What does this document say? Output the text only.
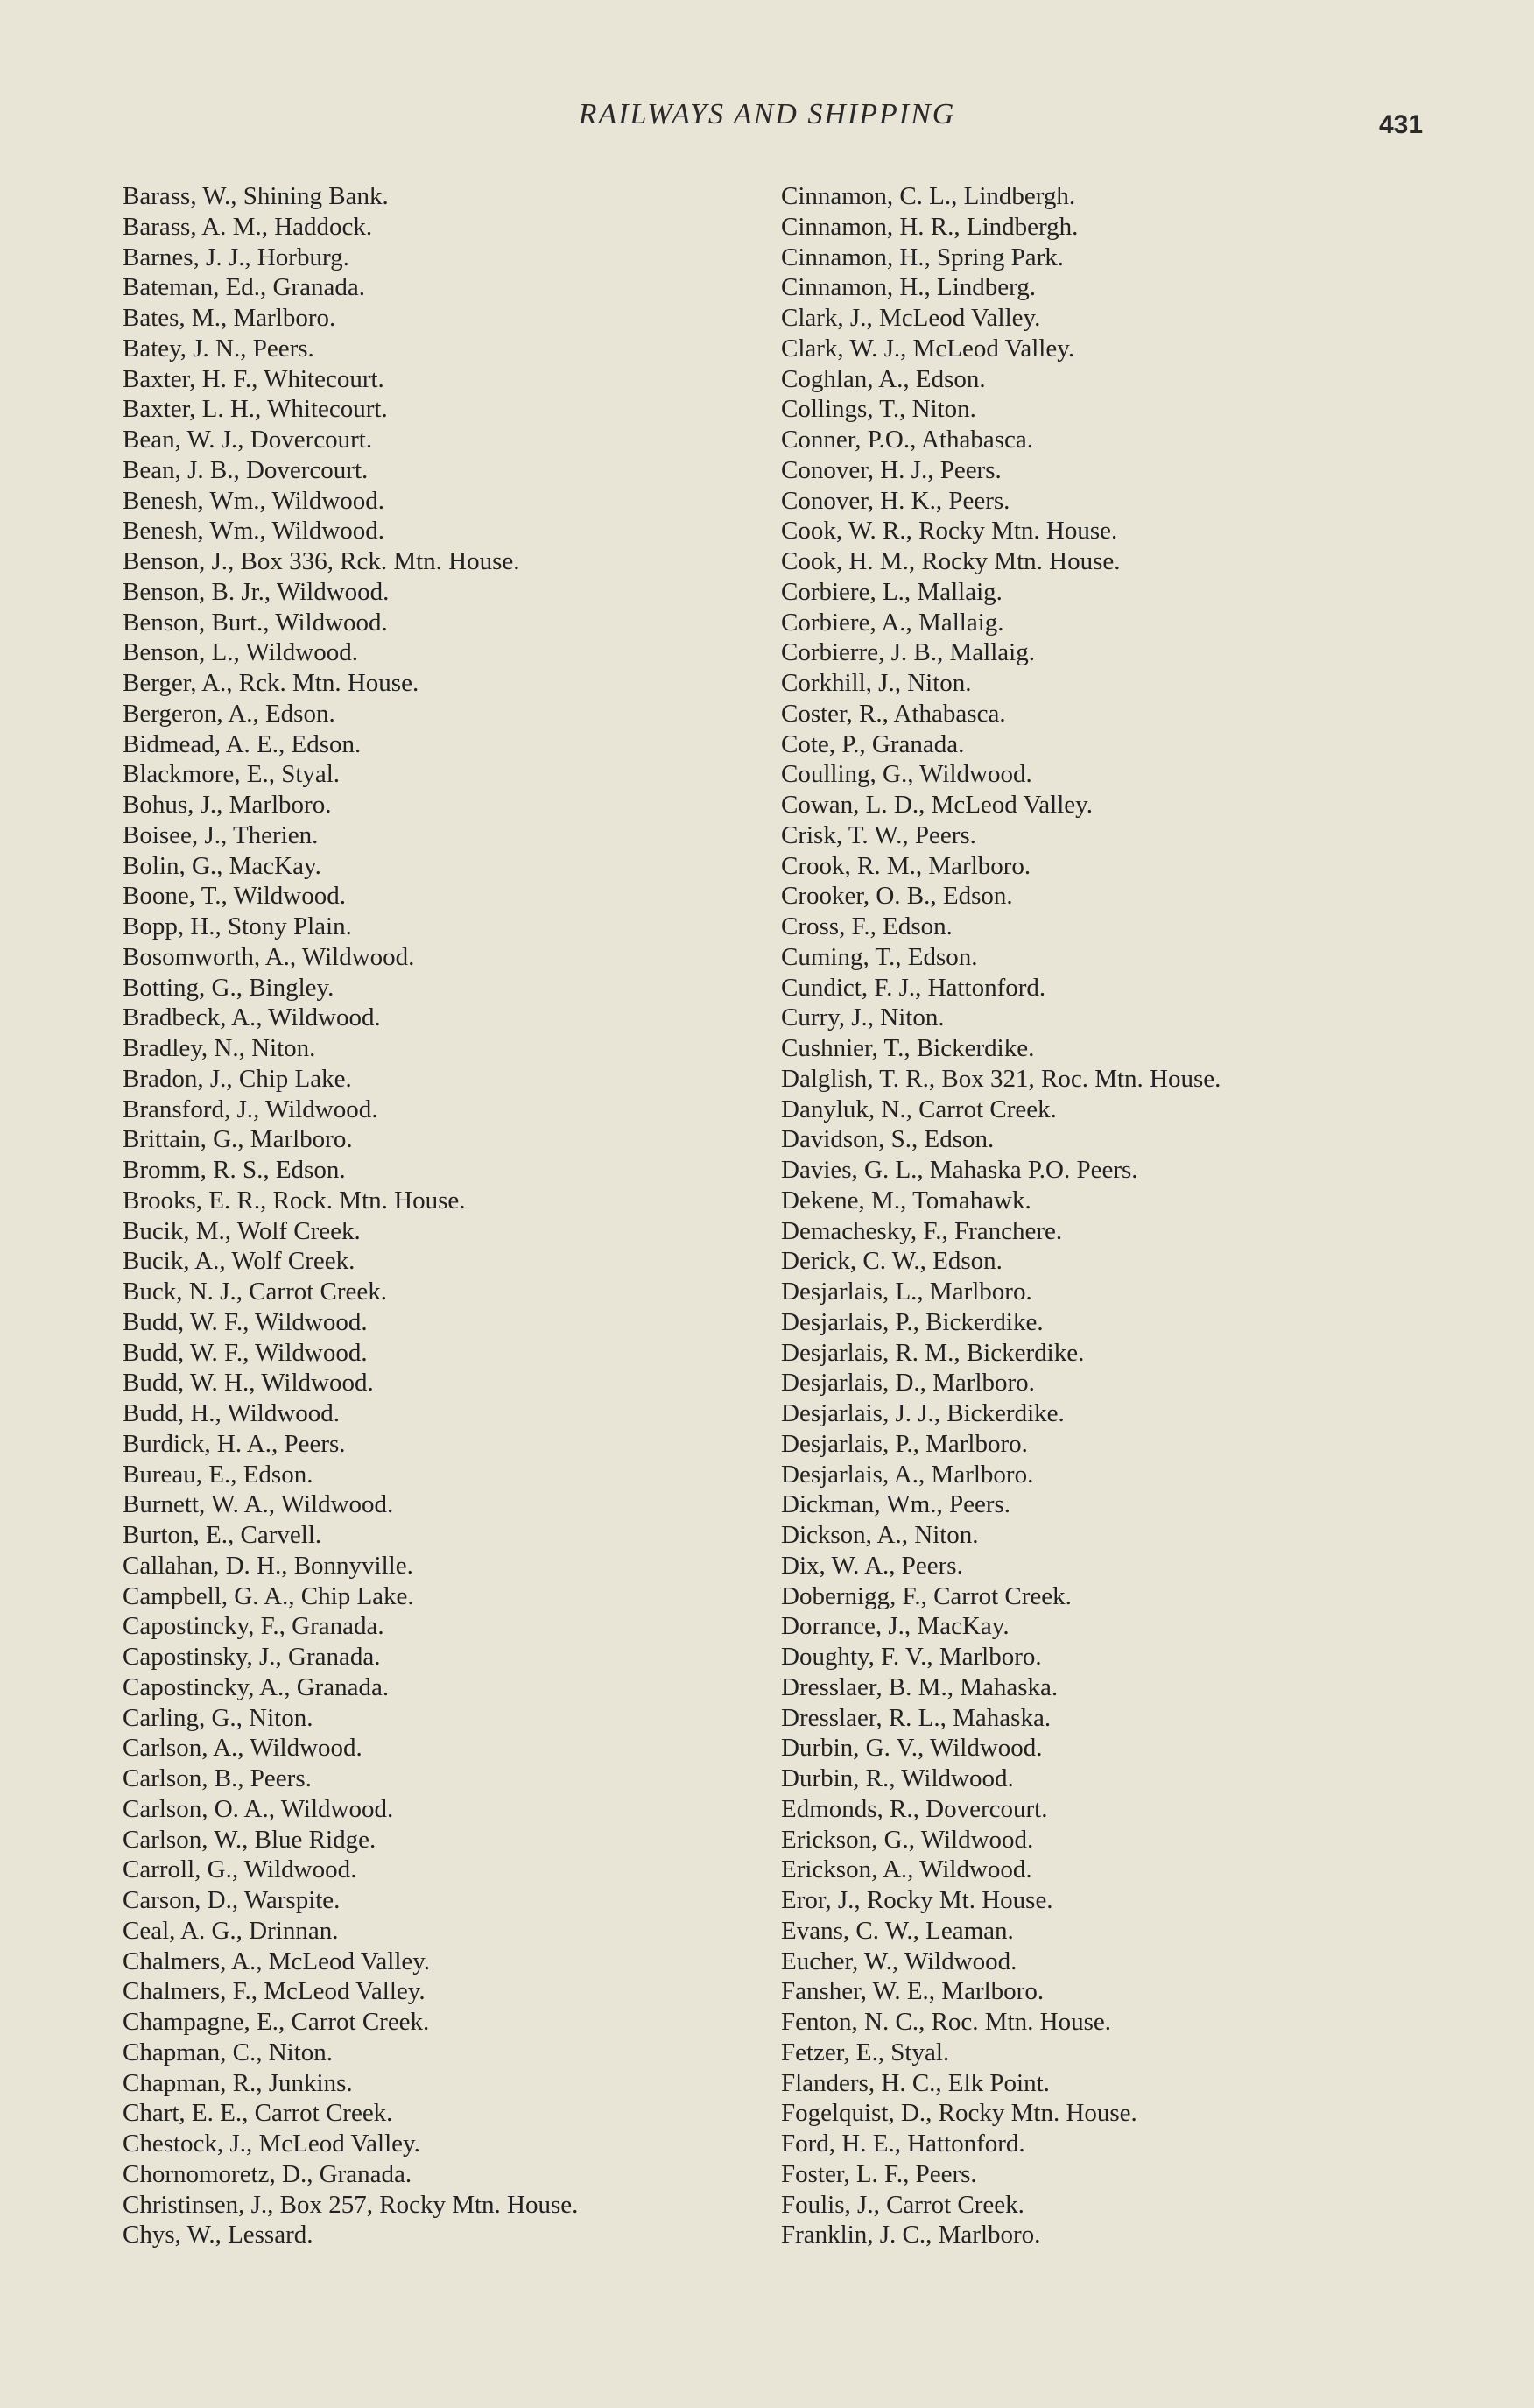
RAILWAYS AND SHIPPING	431
Barass, W., Shining Bank.
Barass, A. M., Haddock.
Barnes, J. J., Horburg.
Bateman, Ed., Granada.
Bates, M., Marlboro.
Batey, J. N., Peers.
Baxter, H. F., Whitecourt.
Baxter, L. H., Whitecourt.
Bean, W. J., Dovercourt.
Bean, J. B., Dovercourt.
Benesh, Wm., Wildwood.
Benesh, Wm., Wildwood.
Benson, J., Box 336, Rck. Mtn. House.
Benson, B. Jr., Wildwood.
Benson, Burt., Wildwood.
Benson, L., Wildwood.
Berger, A., Rck. Mtn. House.
Bergeron, A., Edson.
Bidmead, A. E., Edson.
Blackmore, E., Styal.
Bohus, J., Marlboro.
Boisee, J., Therien.
Bolin, G., MacKay.
Boone, T., Wildwood.
Bopp, H., Stony Plain.
Bosomworth, A., Wildwood.
Botting, G., Bingley.
Bradbeck, A., Wildwood.
Bradley, N., Niton.
Bradon, J., Chip Lake.
Bransford, J., Wildwood.
Brittain, G., Marlboro.
Bromm, R. S., Edson.
Brooks, E. R., Rock. Mtn. House.
Bucik, M., Wolf Creek.
Bucik, A., Wolf Creek.
Buck, N. J., Carrot Creek.
Budd, W. F., Wildwood.
Budd, W. F., Wildwood.
Budd, W. H., Wildwood.
Budd, H., Wildwood.
Burdick, H. A., Peers.
Bureau, E., Edson.
Burnett, W. A., Wildwood.
Burton, E., Carvell.
Callahan, D. H., Bonnyville.
Campbell, G. A., Chip Lake.
Capostincky, F., Granada.
Capostinsky, J., Granada.
Capostincky, A., Granada.
Carling, G., Niton.
Carlson, A., Wildwood.
Carlson, B., Peers.
Carlson, O. A., Wildwood.
Carlson, W., Blue Ridge.
Carroll, G., Wildwood.
Carson, D., Warspite.
Ceal, A. G., Drinnan.
Chalmers, A., McLeod Valley.
Chalmers, F., McLeod Valley.
Champagne, E., Carrot Creek.
Chapman, C., Niton.
Chapman, R., Junkins.
Chart, E. E., Carrot Creek.
Chestock, J., McLeod Valley.
Chornomoretz, D., Granada.
Christinsen, J., Box 257, Rocky Mtn. House.
Chys, W., Lessard.
Cinnamon, C. L., Lindbergh.
Cinnamon, H. R., Lindbergh.
Cinnamon, H., Spring Park.
Cinnamon, H., Lindberg.
Clark, J., McLeod Valley.
Clark, W. J., McLeod Valley.
Coghlan, A., Edson.
Collings, T., Niton.
Conner, P.O., Athabasca.
Conover, H. J., Peers.
Conover, H. K., Peers.
Cook, W. R., Rocky Mtn. House.
Cook, H. M., Rocky Mtn. House.
Corbiere, L., Mallaig.
Corbiere, A., Mallaig.
Corbierre, J. B., Mallaig.
Corkhill, J., Niton.
Coster, R., Athabasca.
Cote, P., Granada.
Coulling, G., Wildwood.
Cowan, L. D., McLeod Valley.
Crisk, T. W., Peers.
Crook, R. M., Marlboro.
Crooker, O. B., Edson.
Cross, F., Edson.
Cuming, T., Edson.
Cundict, F. J., Hattonford.
Curry, J., Niton.
Cushnier, T., Bickerdike.
Dalglish, T. R., Box 321, Roc. Mtn. House.
Danyluk, N., Carrot Creek.
Davidson, S., Edson.
Davies, G. L., Mahaska P.O. Peers.
Dekene, M., Tomahawk.
Demachesky, F., Franchere.
Derick, C. W., Edson.
Desjarlais, L., Marlboro.
Desjarlais, P., Bickerdike.
Desjarlais, R. M., Bickerdike.
Desjarlais, D., Marlboro.
Desjarlais, J. J., Bickerdike.
Desjarlais, P., Marlboro.
Desjarlais, A., Marlboro.
Dickman, Wm., Peers.
Dickson, A., Niton.
Dix, W. A., Peers.
Dobernigg, F., Carrot Creek.
Dorrance, J., MacKay.
Doughty, F. V., Marlboro.
Dresslaer, B. M., Mahaska.
Dresslaer, R. L., Mahaska.
Durbin, G. V., Wildwood.
Durbin, R., Wildwood.
Edmonds, R., Dovercourt.
Erickson, G., Wildwood.
Erickson, A., Wildwood.
Eror, J., Rocky Mt. House.
Evans, C. W., Leaman.
Eucher, W., Wildwood.
Fansher, W. E., Marlboro.
Fenton, N. C., Roc. Mtn. House.
Fetzer, E., Styal.
Flanders, H. C., Elk Point.
Fogelquist, D., Rocky Mtn. House.
Ford, H. E., Hattonford.
Foster, L. F., Peers.
Foulis, J., Carrot Creek.
Franklin, J. C., Marlboro.
